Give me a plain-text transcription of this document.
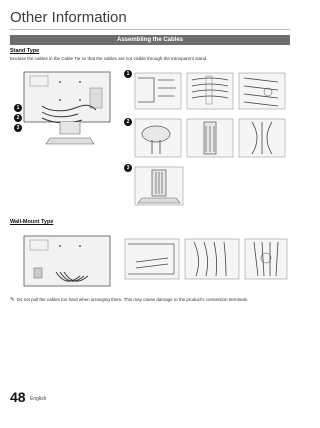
Other Information
Assembling the Cables
Stand Type
Enclose the cables in the Cable Tie so that the cables are not visible through the transparent stand.
1
2
3
1
2
3
Wall-Mount Type
✎ Do not pull the cables too hard when arranging them. This may cause damage to the product's connection terminals.
48 English
